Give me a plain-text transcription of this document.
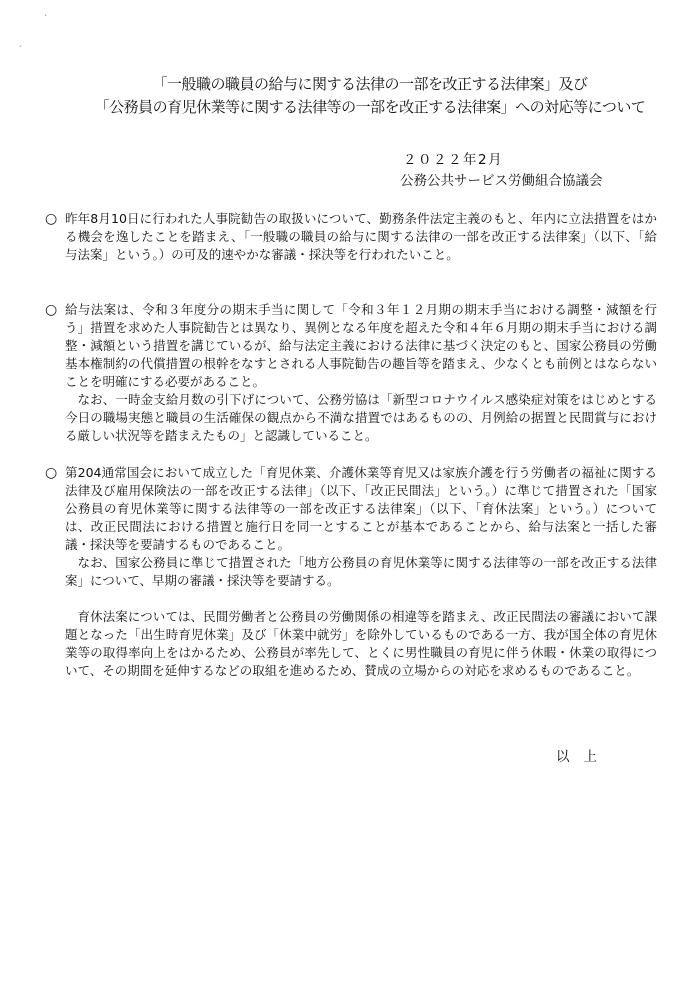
ˋ
ˏ
「一般職の職員の給与に関する法律の一部を改正する法律案」及び
「公務員の育児休業等に関する法律等の一部を改正する法律案」への対応等について
２０２２年2月
公務公共サービス労働組合協議会
○ 昨年8月10日に行われた人事院勧告の取扱いについて、勤務条件法定主義のもと、年内に立法措置をはかる機会を逸したことを踏まえ、「一般職の職員の給与に関する法律の一部を改正する法律案」（以下、「給与法案」という。）の可及的速やかな審議・採決等を行われたいこと。

○ 給与法案は、令和３年度分の期末手当に関して「令和３年１２月期の期末手当における調整・減額を行う」措置を求めた人事院勧告とは異なり、異例となる年度を超えた令和４年６月期の期末手当における調整・減額という措置を講じているが、給与法定主義における法律に基づく決定のもと、国家公務員の労働基本権制約の代償措置の根幹をなすとされる人事院勧告の趣旨等を踏まえ、少なくとも前例とはならないことを明確にする必要があること。

なお、一時金支給月数の引下げについて、公務労協は「新型コロナウイルス感染症対策をはじめとする今日の職場実態と職員の生活確保の観点から不満な措置ではあるものの、月例給の据置と民間賞与における厳しい状況等を踏まえたもの」と認識していること。

○ 第204通常国会において成立した「育児休業、介護休業等育児又は家族介護を行う労働者の福祉に関する法律及び雇用保険法の一部を改正する法律」（以下、「改正民間法」という。）に準じて措置された「国家公務員の育児休業等に関する法律等の一部を改正する法律案」（以下、「育休法案」という。）については、改正民間法における措置と施行日を同一とすることが基本であることから、給与法案と一括した審議・採決等を要請するものであること。

なお、国家公務員に準じて措置された「地方公務員の育児休業等に関する法律等の一部を改正する法律案」について、早期の審議・採決等を要請する。

育休法案については、民間労働者と公務員の労働関係の相違等を踏まえ、改正民間法の審議において課題となった「出生時育児休業」及び「休業中就労」を除外しているものである一方、我が国全体の育児休業等の取得率向上をはかるため、公務員が率先して、とくに男性職員の育児に伴う休暇・休業の取得について、その期間を延伸するなどの取組を進めるため、賛成の立場からの対応を求めるものであること。

以上
